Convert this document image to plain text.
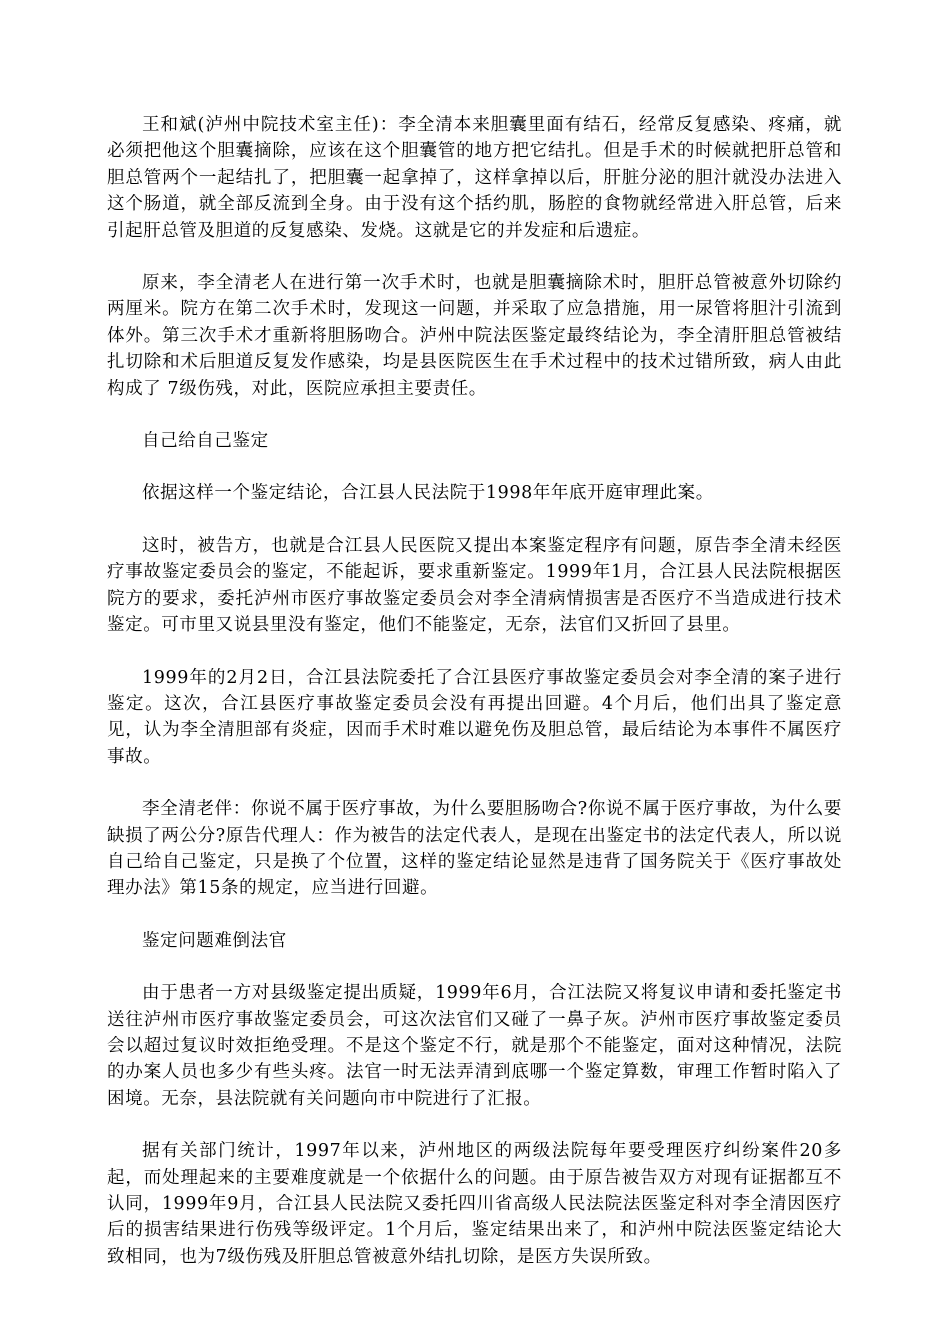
王和斌(泸州中院技术室主任)：李全清本来胆囊里面有结石，经常反复感染、疼痛，就必须把他这个胆囊摘除，应该在这个胆囊管的地方把它结扎。但是手术的时候就把肝总管和胆总管两个一起结扎了，把胆囊一起拿掉了，这样拿掉以后，肝脏分泌的胆汁就没办法进入这个肠道，就全部反流到全身。由于没有这个括约肌，肠腔的食物就经常进入肝总管，后来引起肝总管及胆道的反复感染、发烧。这就是它的并发症和后遗症。

原来，李全清老人在进行第一次手术时，也就是胆囊摘除术时，胆肝总管被意外切除约两厘米。院方在第二次手术时，发现这一问题，并采取了应急措施，用一尿管将胆汁引流到体外。第三次手术才重新将胆肠吻合。泸州中院法医鉴定最终结论为，李全清肝胆总管被结扎切除和术后胆道反复发作感染，均是县医院医生在手术过程中的技术过错所致，病人由此构成了 7级伤残，对此，医院应承担主要责任。

自己给自己鉴定

依据这样一个鉴定结论，合江县人民法院于1998年年底开庭审理此案。

这时，被告方，也就是合江县人民医院又提出本案鉴定程序有问题，原告李全清未经医疗事故鉴定委员会的鉴定，不能起诉，要求重新鉴定。1999年1月，合江县人民法院根据医院方的要求，委托泸州市医疗事故鉴定委员会对李全清病情损害是否医疗不当造成进行技术鉴定。可市里又说县里没有鉴定，他们不能鉴定，无奈，法官们又折回了县里。

1999年的2月2日，合江县法院委托了合江县医疗事故鉴定委员会对李全清的案子进行鉴定。这次，合江县医疗事故鉴定委员会没有再提出回避。4个月后，他们出具了鉴定意见，认为李全清胆部有炎症，因而手术时难以避免伤及胆总管，最后结论为本事件不属医疗事故。

李全清老伴：你说不属于医疗事故，为什么要胆肠吻合?你说不属于医疗事故，为什么要缺损了两公分?原告代理人：作为被告的法定代表人，是现在出鉴定书的法定代表人，所以说自己给自己鉴定，只是换了个位置，这样的鉴定结论显然是违背了国务院关于《医疗事故处理办法》第15条的规定，应当进行回避。

鉴定问题难倒法官

由于患者一方对县级鉴定提出质疑，1999年6月，合江法院又将复议申请和委托鉴定书送往泸州市医疗事故鉴定委员会，可这次法官们又碰了一鼻子灰。泸州市医疗事故鉴定委员会以超过复议时效拒绝受理。不是这个鉴定不行，就是那个不能鉴定，面对这种情况，法院的办案人员也多少有些头疼。法官一时无法弄清到底哪一个鉴定算数，审理工作暂时陷入了困境。无奈，县法院就有关问题向市中院进行了汇报。

据有关部门统计，1997年以来，泸州地区的两级法院每年要受理医疗纠纷案件20多起，而处理起来的主要难度就是一个依据什么的问题。由于原告被告双方对现有证据都互不认同，1999年9月，合江县人民法院又委托四川省高级人民法院法医鉴定科对李全清因医疗后的损害结果进行伤残等级评定。1个月后，鉴定结果出来了，和泸州中院法医鉴定结论大致相同，也为7级伤残及肝胆总管被意外结扎切除，是医方失误所致。
